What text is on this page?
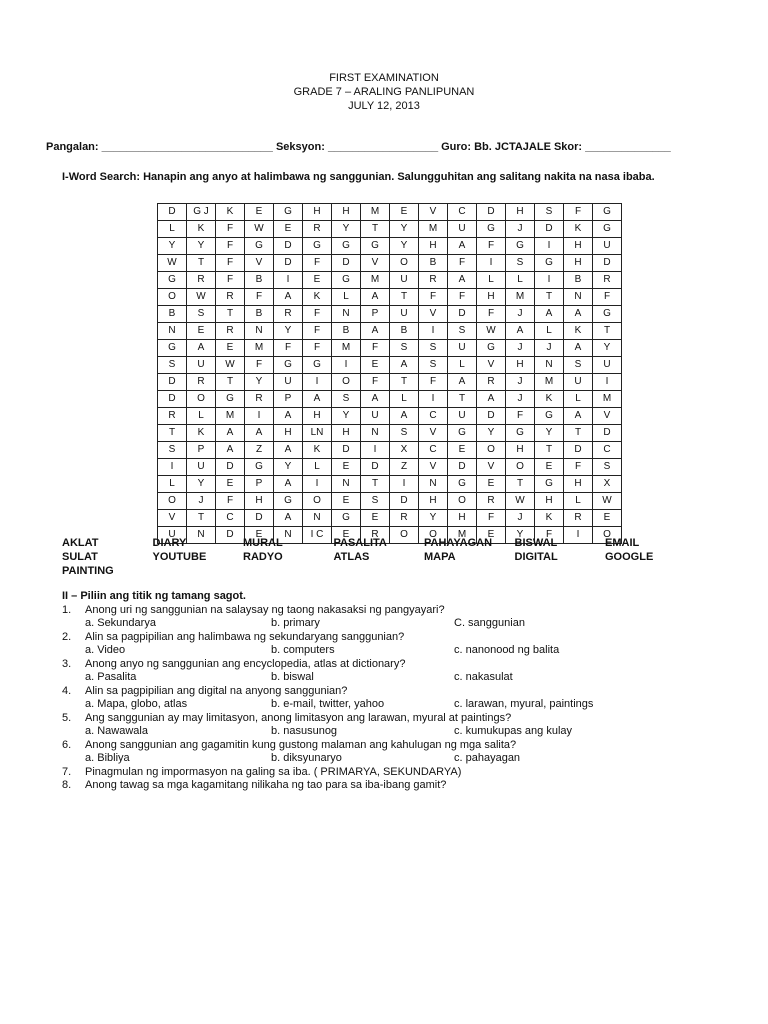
FIRST EXAMINATION
GRADE 7 – ARALING PANLIPUNAN
JULY 12, 2013
Pangalan: ____________________________ Seksyon: __________________ Guro: Bb. JCTAJALE Skor: ______________
I-Word Search: Hanapin ang anyo at halimbawa ng sanggunian. Salungguhitan ang salitang nakita na nasa ibaba.
D	G J	K	E	G	H	H	M	E	V	C	D	H	S	F	G
L	K	F	W	E	R	Y	T	Y	M	U	G	J	D	K	G
Y	Y	F	G	D	G	G	G	Y	H	A	F	G	I	H	U
W	T	F	V	D	F	D	V	O	B	F	I	S	G	H	D
G	R	F	B	I	E	G	M	U	R	A	L	L	I	B	R
O	W	R	F	A	K	L	A	T	F	F	H	M	T	N	F
B	S	T	B	R	F	N	P	U	V	D	F	J	A	A	G
N	E	R	N	Y	F	B	A	B	I	S	W	A	L	K	T
G	A	E	M	F	F	M	F	S	S	U	G	J	J	A	Y
S	U	W	F	G	G	I	E	A	S	L	V	H	N	S	U
D	R	T	Y	U	I	O	F	T	F	A	R	J	M	U	I
D	O	G	R	P	A	S	A	L	I	T	A	J	K	L	M
R	L	M	I	A	H	Y	U	A	C	U	D	F	G	A	V
T	K	A	A	H	LN	H	N	S	V	G	Y	G	Y	T	D
S	P	A	Z	A	K	D	I	X	C	E	O	H	T	D	C
I	U	D	G	Y	L	E	D	Z	V	D	V	O	E	F	S
L	Y	E	P	A	I	N	T	I	N	G	E	T	G	H	X
O	J	F	H	G	O	E	S	D	H	O	R	W	H	L	W
V	T	C	D	A	N	G	E	R	Y	H	F	J	K	R	E
U	N	D	E	N	I C	E	R	O	O	M	E	Y	F	I	O
AKLAT	DIARY	MURAL	PASALITA	PAHAYAGAN	BISWAL	EMAIL
SULAT	YOUTUBE	RADYO	ATLAS	MAPA	DIGITAL	GOOGLE
PAINTING
II – Piliin ang titik ng tamang sagot.
1.	Anong uri ng sanggunian na salaysay ng taong nakasaksi ng pangyayari?
a. Sekundarya	b. primary	C. sanggunian
2.	Alin sa pagpipilian ang halimbawa ng sekundaryang sanggunian?
a. Video	b. computers	c. nanonood ng balita
3.	Anong anyo ng sanggunian ang encyclopedia, atlas at dictionary?
a. Pasalita	b. biswal	c. nakasulat
4.	Alin sa pagpipilian ang digital na anyong sanggunian?
a. Mapa, globo, atlas	b. e-mail, twitter, yahoo	c. larawan, myural, paintings
5.	Ang sanggunian ay may limitasyon, anong limitasyon ang larawan, myural at paintings?
a. Nawawala	b. nasusunog	c. kumukupas ang kulay
6.	Anong sanggunian ang gagamitin kung gustong malaman ang kahulugan ng mga salita?
a. Bibliya	b. diksyunaryo	c. pahayagan
7.	Pinagmulan ng impormasyon na galing sa iba. ( PRIMARYA, SEKUNDARYA)
8.	Anong tawag sa mga kagamitang nilikaha ng tao para sa iba-ibang gamit?
